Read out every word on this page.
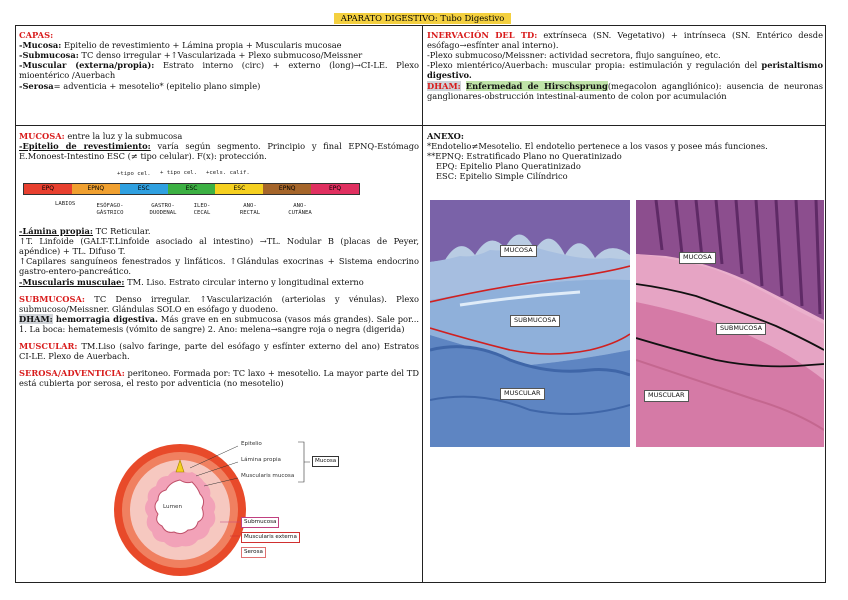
APARATO DIGESTIVO: Tubo Digestivo

CAPAS:

-Mucosa: Epitelio de revestimiento + Lámina propia + Muscularis mucosae

-Submucosa: TC denso irregular +↑Vascularizada + Plexo submucoso/Meissner

-Muscular (externa/propia): Estrato interno (circ) + externo (long)→CI-LE. Plexo mioentérico /Auerbach

-Serosa= adventicia + mesotelio* (epitelio plano simple)

INERVACIÓN DEL TD: extrínseca (SN. Vegetativo) + intrínseca (SN. Entérico desde esófago→esfínter anal interno).

-Plexo submucoso/Meissner: actividad secretora, flujo sanguíneo, etc.

-Plexo mientérico/Auerbach: muscular propia: estimulación y regulación del peristaltismo digestivo.

DHAM: Enfermedad de Hirschsprung(megacolon agangliónico): ausencia de neuronas ganglionares-obstrucción intestinal-aumento de colon por acumulación

MUCOSA: entre la luz y la submucosa

-Epitelio de revestimiento: varía según segmento. Principio y final EPNQ-Estómago E.Monoest-Intestino ESC (≠ tipo celular). F(x): protección.

+tipo cel. + tipo cel. +cels. calif.
EPQ	EPNQ	ESC	ESC	ESC	EPNQ	EPQ
LABIOS	ESÓFAGO-GÁSTRICO
GASTRO-DUODENAL
ILEO-CECAL
ANO-RECTAL
ANO-CUTÁNEA

-Lámina propia: TC Reticular.

↑T. Linfoide (GALT-T.Linfoide asociado al intestino) →TL. Nodular B (placas de Peyer, apéndice) + TL. Difuso T.

↑Capilares sanguíneos fenestrados y linfáticos. ↑Glándulas exocrinas + Sistema endocrino gastro-entero-pancreático.

-Muscularis musculae: TM. Liso. Estrato circular interno y longitudinal externo

SUBMUCOSA: TC Denso irregular. ↑Vascularización (arteriolas y vénulas). Plexo submucoso/Meissner. Glándulas SOLO en esófago y duodeno.

DHAM: hemorragia digestiva. Más grave en en submucosa (vasos más grandes). Sale por... 1. La boca: hematemesis (vómito de sangre) 2. Ano: melena→sangre roja o negra (digerida)

MUSCULAR: TM.Liso (salvo faringe, parte del esófago y esfínter externo del ano) Estratos CI-LE. Plexo de Auerbach.

SEROSA/ADVENTICIA: peritoneo. Formada por: TC laxo + mesotelio. La mayor parte del TD está cubierta por serosa, el resto por adventicia (no mesotelio)

Lumen
Epitelio
Lámina propia
Muscularis mucosa
Mucosa
Submucosa
Muscularis externa
Serosa

ANEXO:

*Endotelio≠Mesotelio. El endotelio pertenece a los vasos y posee más funciones.

**EPNQ: Estratificado Plano no Queratinizado

EPQ: Epitelio Plano Queratinizado

ESC: Epitelio Simple Cilíndrico

MUCOSA
SUBMUCOSA
MUSCULAR
MUCOSA
SUBMUCOSA
MUSCULAR
